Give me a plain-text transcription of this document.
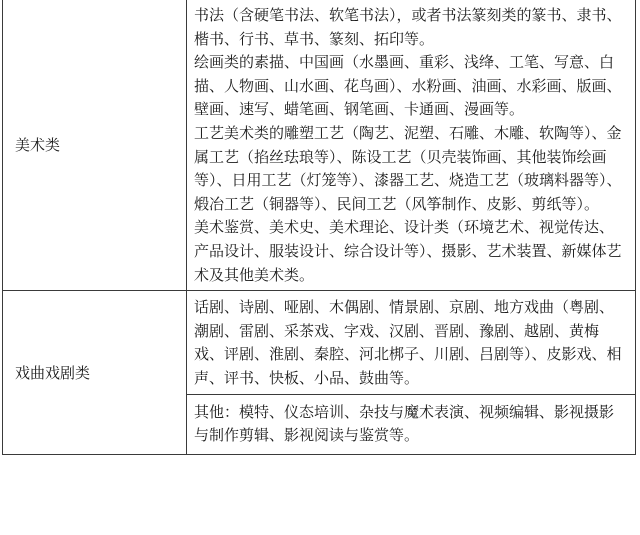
美术类	书法（含硬笔书法、软笔书法），或者书法篆刻类的篆书、隶书、楷书、行书、草书、篆刻、拓印等。

绘画类的素描、中国画（水墨画、重彩、浅绛、工笔、写意、白描、人物画、山水画、花鸟画）、水粉画、油画、水彩画、版画、壁画、速写、蜡笔画、钢笔画、卡通画、漫画等。

工艺美术类的雕塑工艺（陶艺、泥塑、石雕、木雕、软陶等）、金属工艺（掐丝珐琅等）、陈设工艺（贝壳装饰画、其他装饰绘画等）、日用工艺（灯笼等）、漆器工艺、烧造工艺（玻璃料器等）、煅冶工艺（铜器等）、民间工艺（风筝制作、皮影、剪纸等）。

美术鉴赏、美术史、美术理论、设计类（环境艺术、视觉传达、产品设计、服装设计、综合设计等）、摄影、艺术装置、新媒体艺术及其他美术类。

戏曲戏剧类	话剧、诗剧、哑剧、木偶剧、情景剧、京剧、地方戏曲（粤剧、潮剧、雷剧、采茶戏、字戏、汉剧、晋剧、豫剧、越剧、黄梅戏、评剧、淮剧、秦腔、河北梆子、川剧、吕剧等）、皮影戏、相声、评书、快板、小品、鼓曲等。

	其他：模特、仪态培训、杂技与魔术表演、视频编辑、影视摄影与制作剪辑、影视阅读与鉴赏等。
